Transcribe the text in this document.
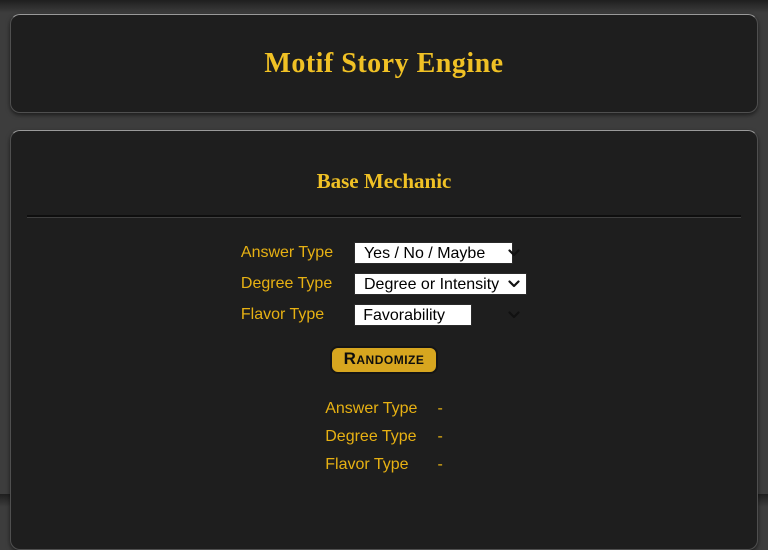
Motif Story Engine
Base Mechanic
Answer Type
Yes / No / Maybe
Degree Type
Degree or Intensity
Flavor Type
Favorability
Randomize
Answer Type -
Degree Type -
Flavor Type	-
